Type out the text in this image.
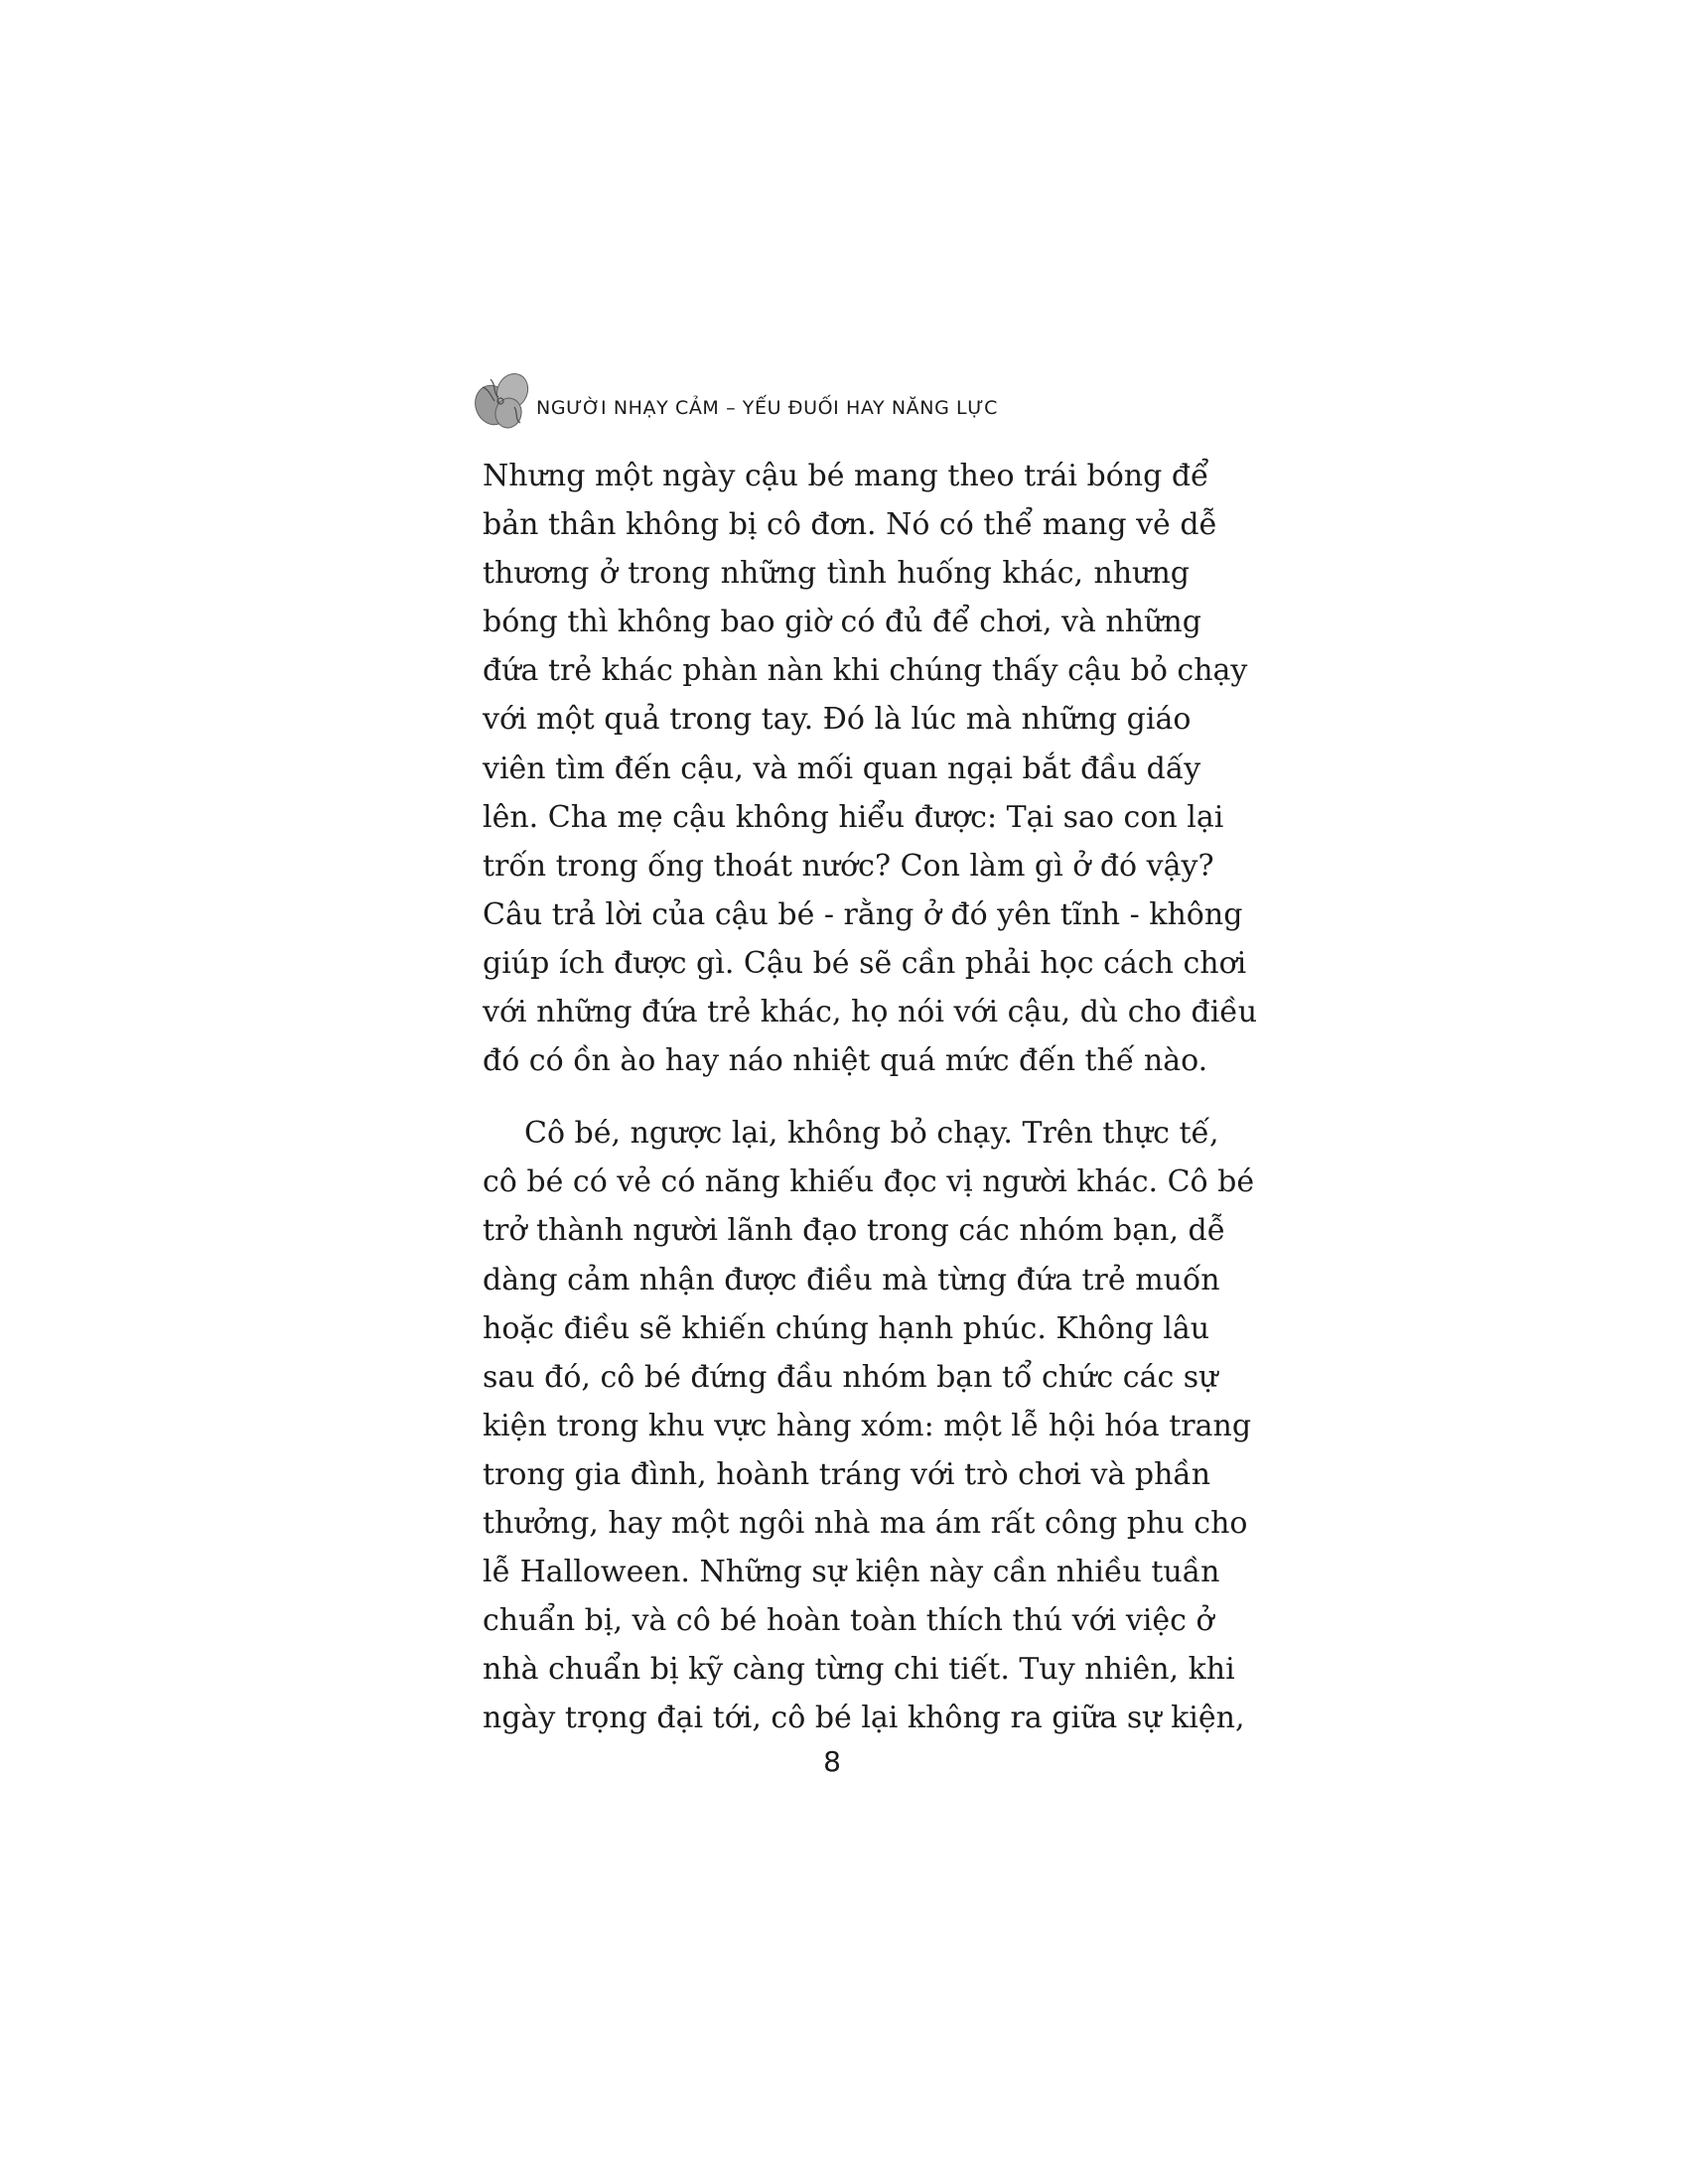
NGƯỜI NHẠY CẢM – YẾU ĐUỐI HAY NĂNG LỰC
Nhưng một ngày cậu bé mang theo trái bóng để
bản thân không bị cô đơn. Nó có thể mang vẻ dễ
thương ở trong những tình huống khác, nhưng
bóng thì không bao giờ có đủ để chơi, và những
đứa trẻ khác phàn nàn khi chúng thấy cậu bỏ chạy
với một quả trong tay. Đó là lúc mà những giáo
viên tìm đến cậu, và mối quan ngại bắt đầu dấy
lên. Cha mẹ cậu không hiểu được: Tại sao con lại
trốn trong ống thoát nước? Con làm gì ở đó vậy?
Câu trả lời của cậu bé - rằng ở đó yên tĩnh - không
giúp ích được gì. Cậu bé sẽ cần phải học cách chơi
với những đứa trẻ khác, họ nói với cậu, dù cho điều
đó có ồn ào hay náo nhiệt quá mức đến thế nào.
Cô bé, ngược lại, không bỏ chạy. Trên thực tế,
cô bé có vẻ có năng khiếu đọc vị người khác. Cô bé
trở thành người lãnh đạo trong các nhóm bạn, dễ
dàng cảm nhận được điều mà từng đứa trẻ muốn
hoặc điều sẽ khiến chúng hạnh phúc. Không lâu
sau đó, cô bé đứng đầu nhóm bạn tổ chức các sự
kiện trong khu vực hàng xóm: một lễ hội hóa trang
trong gia đình, hoành tráng với trò chơi và phần
thưởng, hay một ngôi nhà ma ám rất công phu cho
lễ Halloween. Những sự kiện này cần nhiều tuần
chuẩn bị, và cô bé hoàn toàn thích thú với việc ở
nhà chuẩn bị kỹ càng từng chi tiết. Tuy nhiên, khi
ngày trọng đại tới, cô bé lại không ra giữa sự kiện,
8
